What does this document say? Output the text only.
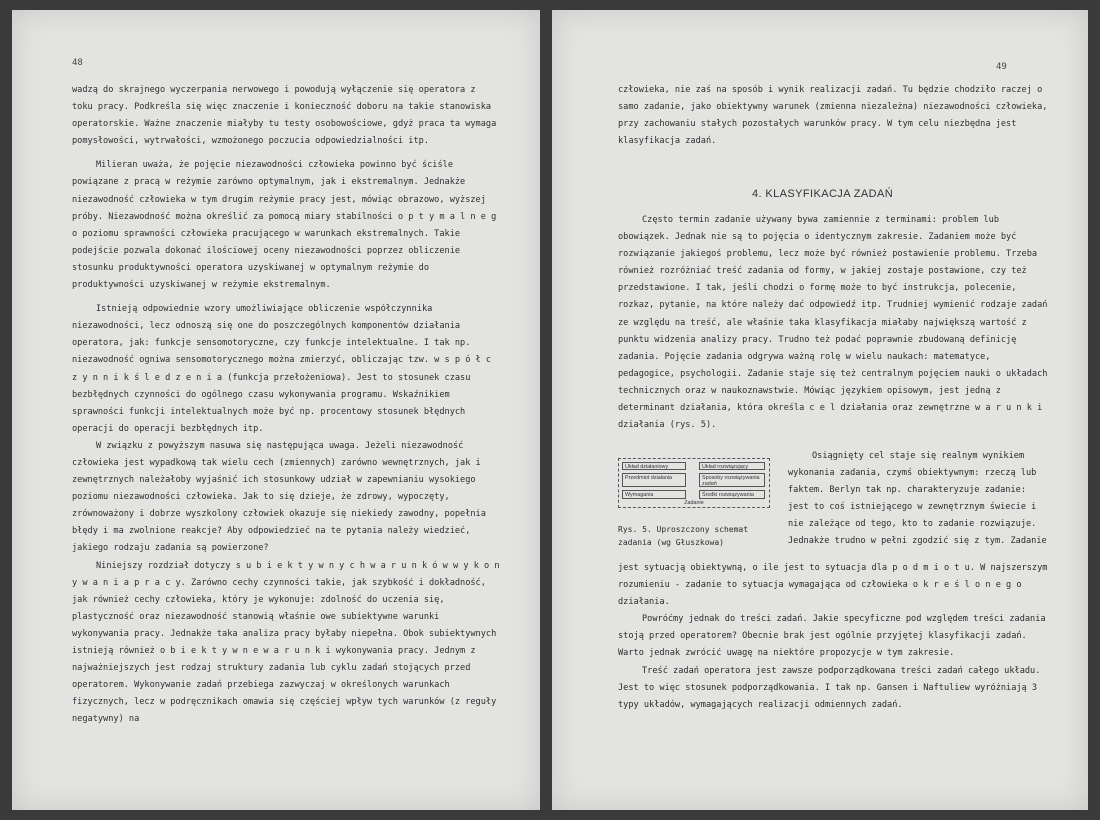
48

wadzą do skrajnego wyczerpania nerwowego i powodują wyłączenie się operatora z toku pracy. Podkreśla się więc znaczenie i konieczność doboru na takie stanowiska operatorskie. Ważne znaczenie miałyby tu testy osobowościowe, gdyż praca ta wymaga pomysłowości, wytrwałości, wzmożonego poczucia odpowiedzialności itp.

Milieran uważa, że pojęcie niezawodności człowieka powinno być ściśle powiązane z pracą w reżymie zarówno optymalnym, jak i ekstremalnym. Jednakże niezawodność człowieka w tym drugim reżymie pracy jest, mówiąc obrazowo, wyższej próby. Niezawodność można określić za pomocą miary stabilności o p t y m a l n e g o poziomu sprawności człowieka pracującego w warunkach ekstremalnych. Takie podejście pozwala dokonać ilościowej oceny niezawodności poprzez obliczenie stosunku produktywności operatora uzyskiwanej w optymalnym reżymie do produktywności uzyskiwanej w reżymie ekstremalnym.

Istnieją odpowiednie wzory umożliwiające obliczenie współczynnika niezawodności, lecz odnoszą się one do poszczególnych komponentów działania operatora, jak: funkcje sensomotoryczne, czy funkcje intelektualne. I tak np. niezawodność ogniwa sensomotorycznego można zmierzyć, obliczając tzw. w s p ó ł c z y n n i k ś l e d z e n i a (funkcja przełożeniowa). Jest to stosunek czasu bezbłędnych czynności do ogólnego czasu wykonywania programu. Wskaźnikiem sprawności funkcji intelektualnych może być np. procentowy stosunek błędnych operacji do operacji bezbłędnych itp.

W związku z powyższym nasuwa się następująca uwaga. Jeżeli niezawodność człowieka jest wypadkową tak wielu cech (zmiennych) zarówno wewnętrznych, jak i zewnętrznych należałoby wyjaśnić ich stosunkowy udział w zapewnianiu wysokiego poziomu niezawodności człowieka. Jak to się dzieje, że zdrowy, wypoczęty, zrównoważony i dobrze wyszkolony człowiek okazuje się niekiedy zawodny, popełnia błędy i ma zwolnione reakcje? Aby odpowiedzieć na te pytania należy wiedzieć, jakiego rodzaju zadania są powierzone?

Niniejszy rozdział dotyczy s u b i e k t y w n y c h w a r u n k ó w w y k o n y w a n i a p r a c y. Zarówno cechy czynności takie, jak szybkość i dokładność, jak również cechy człowieka, który je wykonuje: zdolność do uczenia się, plastyczność oraz niezawodność stanowią właśnie owe subiektywne warunki wykonywania pracy. Jednakże taka analiza pracy byłaby niepełna. Obok subiektywnych istnieją również o b i e k t y w n e w a r u n k i wykonywania pracy. Jednym z najważniejszych jest rodzaj struktury zadania lub cyklu zadań stojących przed operatorem. Wykonywanie zadań przebiega zazwyczaj w określonych warunkach fizycznych, lecz w podręcznikach omawia się częściej wpływ tych warunków (z reguły negatywny) na

49

człowieka, nie zaś na sposób i wynik realizacji zadań. Tu będzie chodziło raczej o samo zadanie, jako obiektywny warunek (zmienna niezależna) niezawodności człowieka, przy zachowaniu stałych pozostałych warunków pracy. W tym celu niezbędna jest klasyfikacja zadań.

4. KLASYFIKACJA ZADAŃ

Często termin zadanie używany bywa zamiennie z terminami: problem lub obowiązek. Jednak nie są to pojęcia o identycznym zakresie. Zadaniem może być rozwiązanie jakiegoś problemu, lecz może być również postawienie problemu. Trzeba również rozróżniać treść zadania od formy, w jakiej zostaje postawione, czy też przedstawione. I tak, jeśli chodzi o formę może to być instrukcja, polecenie, rozkaz, pytanie, na które należy dać odpowiedź itp. Trudniej wymienić rodzaje zadań ze względu na treść, ale właśnie taka klasyfikacja miałaby największą wartość z punktu widzenia analizy pracy. Trudno też podać poprawnie zbudowaną definicję zadania. Pojęcie zadania odgrywa ważną rolę w wielu naukach: matematyce, pedagogice, psychologii. Zadanie staje się też centralnym pojęciem nauki o układach technicznych oraz w naukoznawstwie. Mówiąc językiem opisowym, jest jedną z determinant działania, która określa c e l działania oraz zewnętrzne w a r u n k i działania (rys. 5).

Układ działaniowy	Układ rozwiązujący
Przedmiot działania	Sposoby rozwiązywania zadań
Wymagania	Środki rozwiązywania
Zadanie
Rys. 5. Uproszczony schemat zadania (wg Głuszkowa)

Osiągnięty cel staje się realnym wynikiem wykonania zadania, czymś obiektywnym: rzeczą lub faktem. Berlyn tak np. charakteryzuje zadanie: jest to coś istniejącego w zewnętrznym świecie i nie zależące od tego, kto to zadanie rozwiązuje. Jednakże trudno w pełni zgodzić się z tym. Zadanie

jest sytuacją obiektywną, o ile jest to sytuacja dla p o d m i o t u. W najszerszym rozumieniu - zadanie to sytuacja wymagająca od człowieka o k r e ś l o n e g o działania.

Powróćmy jednak do treści zadań. Jakie specyficzne pod względem treści zadania stoją przed operatorem? Obecnie brak jest ogólnie przyjętej klasyfikacji zadań. Warto jednak zwrócić uwagę na niektóre propozycje w tym zakresie.

Treść zadań operatora jest zawsze podporządkowana treści zadań całego układu. Jest to więc stosunek podporządkowania. I tak np. Gansen i Naftuliew wyróżniają 3 typy układów, wymagających realizacji odmiennych zadań.
